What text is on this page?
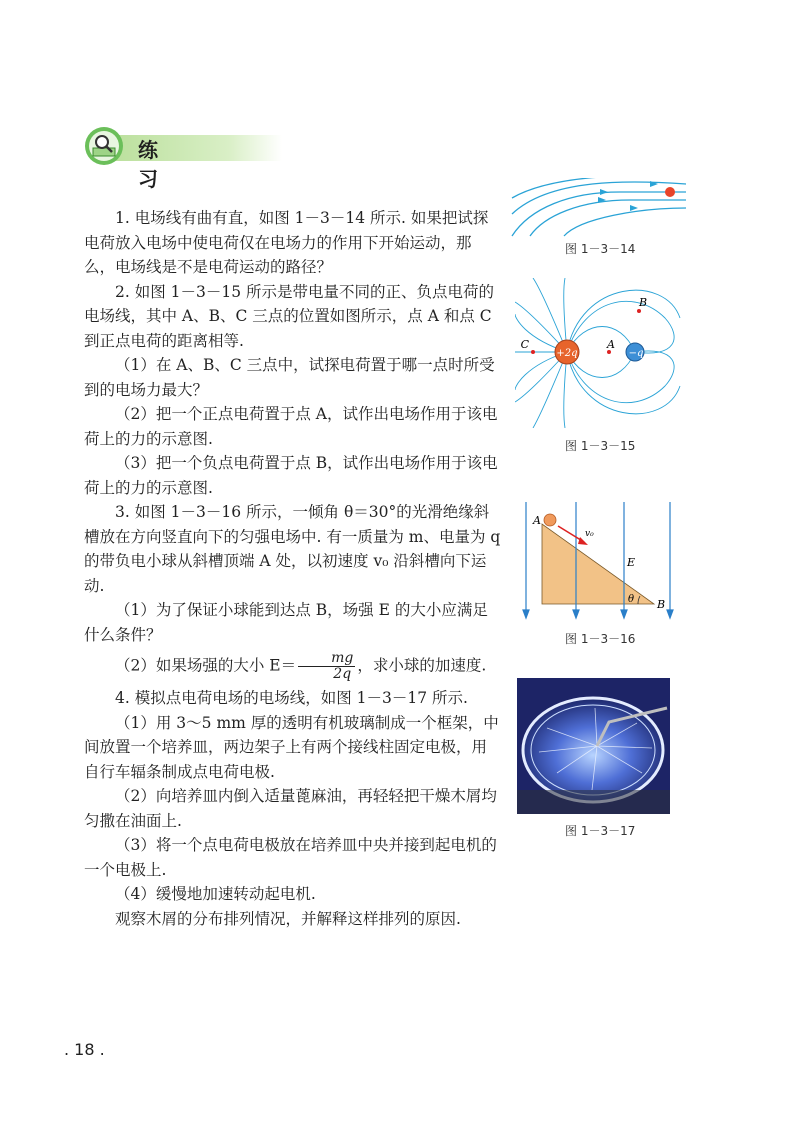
练 习

1. 电场线有曲有直，如图 1－3－14 所示. 如果把试探电荷放入电场中使电荷仅在电场力的作用下开始运动，那么，电场线是不是电荷运动的路径？

2. 如图 1－3－15 所示是带电量不同的正、负点电荷的电场线，其中 A、B、C 三点的位置如图所示，点 A 和点 C 到正点电荷的距离相等.

（1）在 A、B、C 三点中，试探电荷置于哪一点时所受到的电场力最大？

（2）把一个正点电荷置于点 A，试作出电场作用于该电荷上的力的示意图.

（3）把一个负点电荷置于点 B，试作出电场作用于该电荷上的力的示意图.

3. 如图 1－3－16 所示，一倾角 θ＝30°的光滑绝缘斜槽放在方向竖直向下的匀强电场中. 有一质量为 m、电量为 q 的带负电小球从斜槽顶端 A 处，以初速度 v₀ 沿斜槽向下运动.

（1）为了保证小球能到达点 B，场强 E 的大小应满足什么条件？

（2）如果场强的大小 $E= \frac{mg}{2q}$ ，求小球的加速度.

4. 模拟点电荷电场的电场线，如图 1－3－17 所示.

（1）用 3～5 mm 厚的透明有机玻璃制成一个框架，中间放置一个培养皿，两边架子上有两个接线柱固定电极，用自行车辐条制成点电荷电极.

（2）向培养皿内倒入适量蓖麻油，再轻轻把干燥木屑均匀撒在油面上.

（3）将一个点电荷电极放在培养皿中央并接到起电机的一个电极上.

（4）缓慢地加速转动起电机.

观察木屑的分布排列情况，并解释这样排列的原因.

图 1－3－14
+2q	−q
C	A
B
图 1－3－15
A
B
E
v₀
θ
图 1－3－16
图 1－3－17
. 18 .
